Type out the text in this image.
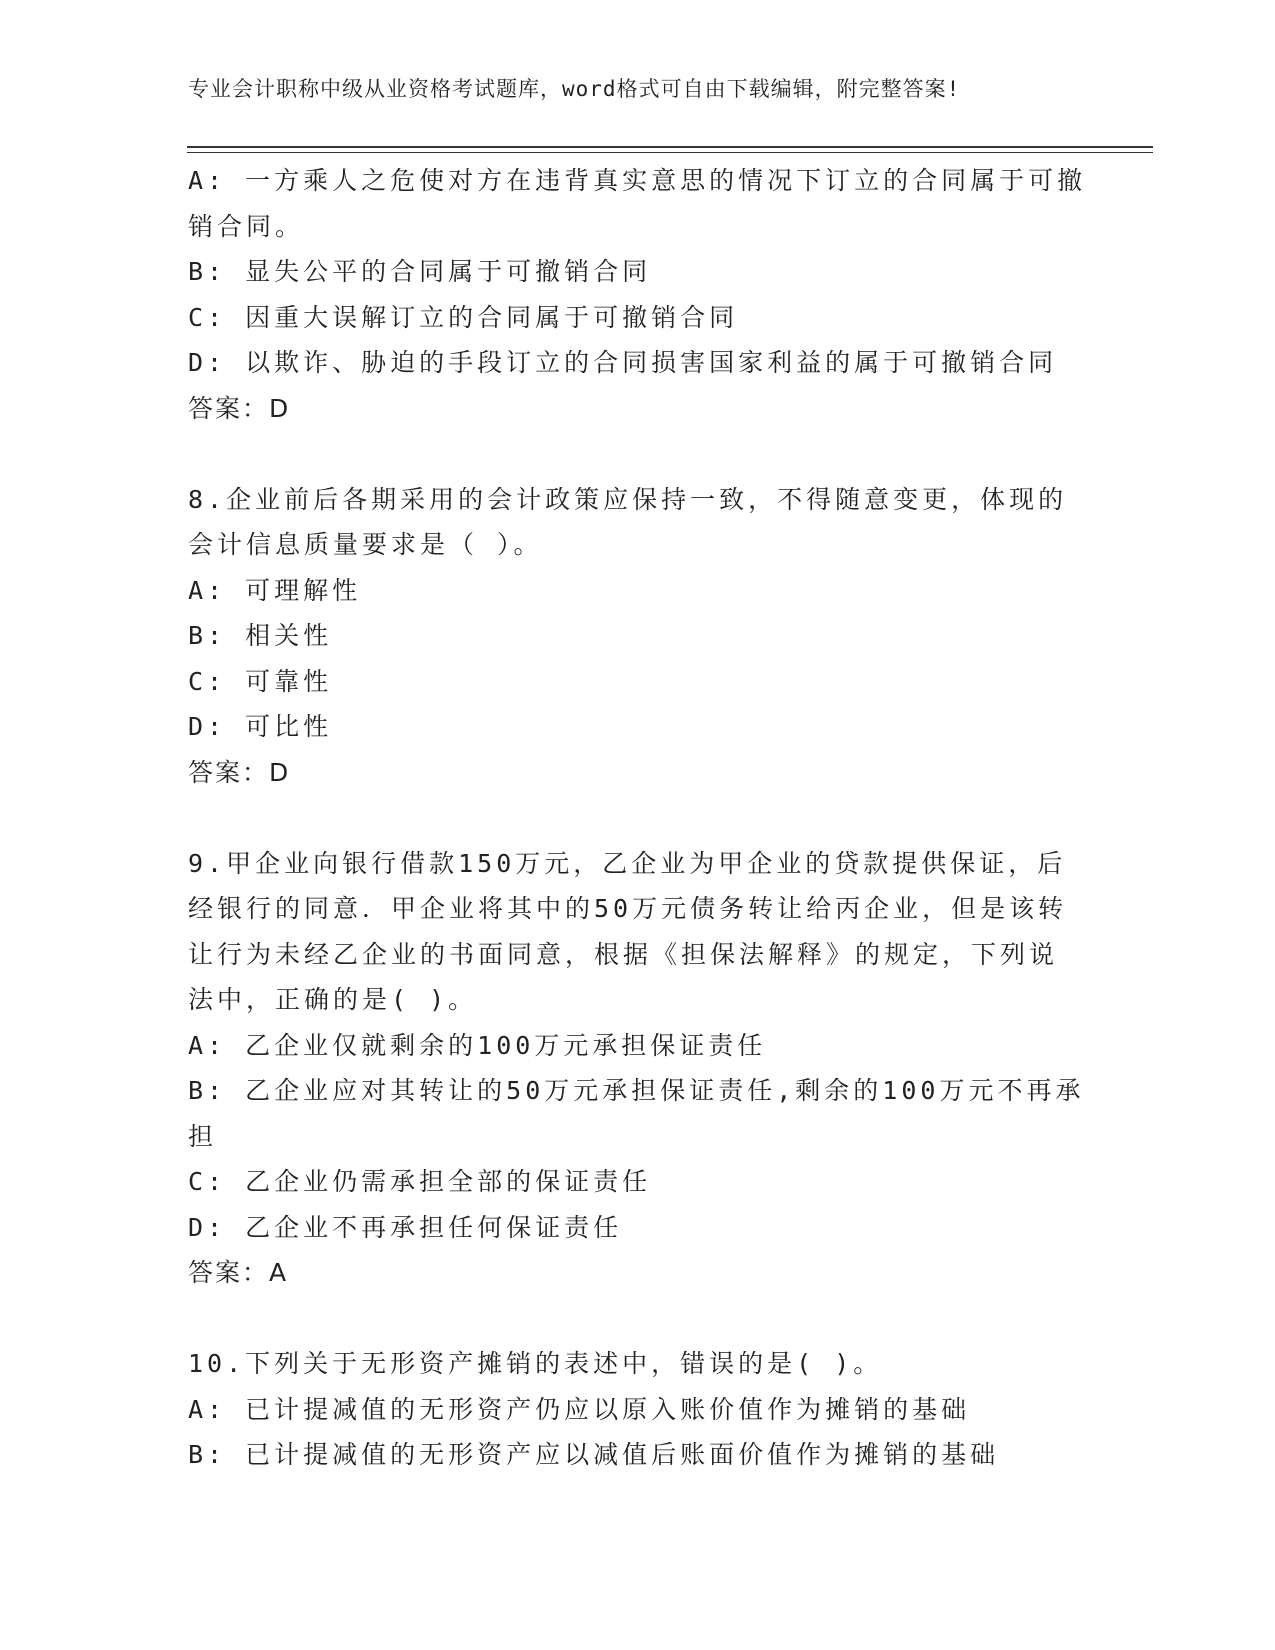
专业会计职称中级从业资格考试题库，word格式可自由下载编辑，附完整答案!
A: 一方乘人之危使对方在违背真实意思的情况下订立的合同属于可撤
销合同。
B: 显失公平的合同属于可撤销合同
C: 因重大误解订立的合同属于可撤销合同
D: 以欺诈、胁迫的手段订立的合同损害国家利益的属于可撤销合同
答案：D
8.企业前后各期采用的会计政策应保持一致，不得随意变更，体现的
会计信息质量要求是（ ）。
A: 可理解性
B: 相关性
C: 可靠性
D: 可比性
答案：D
9.甲企业向银行借款150万元，乙企业为甲企业的贷款提供保证，后
经银行的同意．甲企业将其中的50万元债务转让给丙企业，但是该转
让行为未经乙企业的书面同意，根据《担保法解释》的规定，下列说
法中，正确的是( )。
A: 乙企业仅就剩余的100万元承担保证责任
B: 乙企业应对其转让的50万元承担保证责任,剩余的100万元不再承
担
C: 乙企业仍需承担全部的保证责任
D: 乙企业不再承担任何保证责任
答案：A
10.下列关于无形资产摊销的表述中，错误的是( )。
A: 已计提减值的无形资产仍应以原入账价值作为摊销的基础
B: 已计提减值的无形资产应以减值后账面价值作为摊销的基础
